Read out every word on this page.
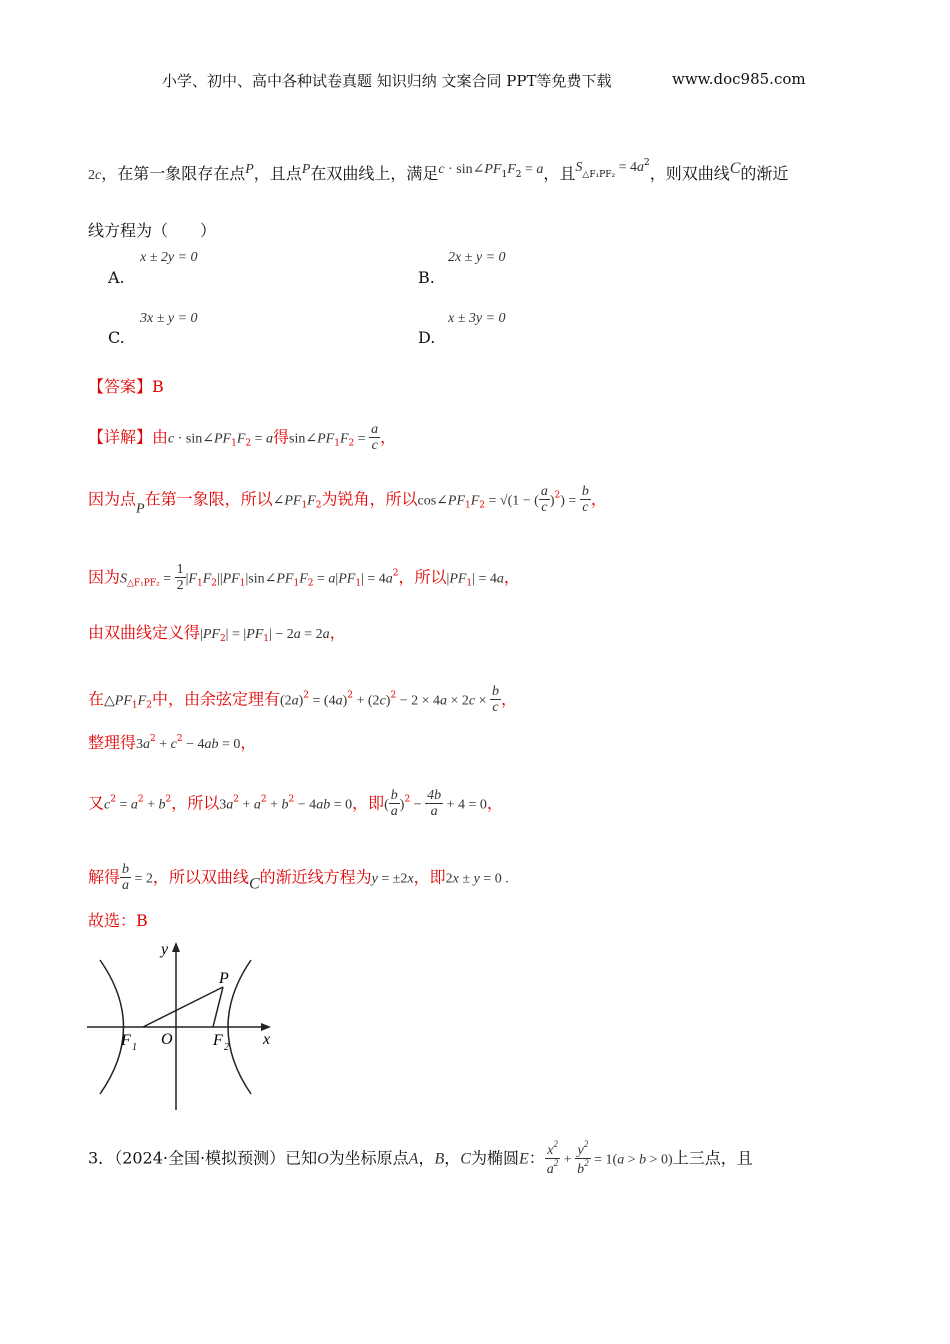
小学、初中、高中各种试卷真题 知识归纳 文案合同 PPT等免费下载	www.doc985.com
2c，在第一象限存在点P，且点P在双曲线上，满足$c \cdot \sin\angle PF^1F^2 = a$，且$S^{\triangle F_1PF_2} = 4a^2$，则双曲线C的渐近
线方程为（　　）
A.
x ± 2y = 0
B.
2x ± y = 0
C.
3x ± y = 0
D.
x ± 3y = 0
【答案】B
【详解】由$c \cdot \sin\angle PF_1F_2 = a$得$\sin\angle PF_1F_2 = \frac{a}{c}$ ，
因为点P在第一象限，所以$\angle PF_1F_2$为锐角，所以$\cos\angle PF_1F_2 = √(1$ − ( $\frac{a}{c} )^2) = \frac{b}{c}$ ，
因为$S_{\triangle F_1PF_2} = \frac{1}{2}$ $|F_1F_2||PF_1|\sin\angle PF_1F_2 = a|PF_1| = 4a^2$，所以$|PF_1| = 4a$，
由双曲线定义得$|PF_2| = |PF_1| - 2a = 2a$，
在$\triangle PF_1F_2$中，由余弦定理有$(2a)^2 = (4a)^2 + (2c)^2 - 2 \times 4a \times 2c \times \frac{b}{c}$ ，
整理得$3a^2 + c^2 - 4ab = 0$，
又$c^2 = a^2 + b^2$，所以$3a^2 + a^2 + b^2 - 4ab = 0$，即( $\frac{b}{a} )^2 - \frac{4b}{a} + 4 = 0$，
解得 $\frac{b}{a} = 2$，所以双曲线C的渐近线方程为y = ±2x，即2x ± y = 0 .
故选：B
y
x
P
O
F 1	F 2
3．（2024·全国·模拟预测）已知O为坐标原点A，B，C为椭圆E： $\frac{x^2}{a^2} + \frac{y^2}{b^2} = 1(a > b > 0)$上三点，且
